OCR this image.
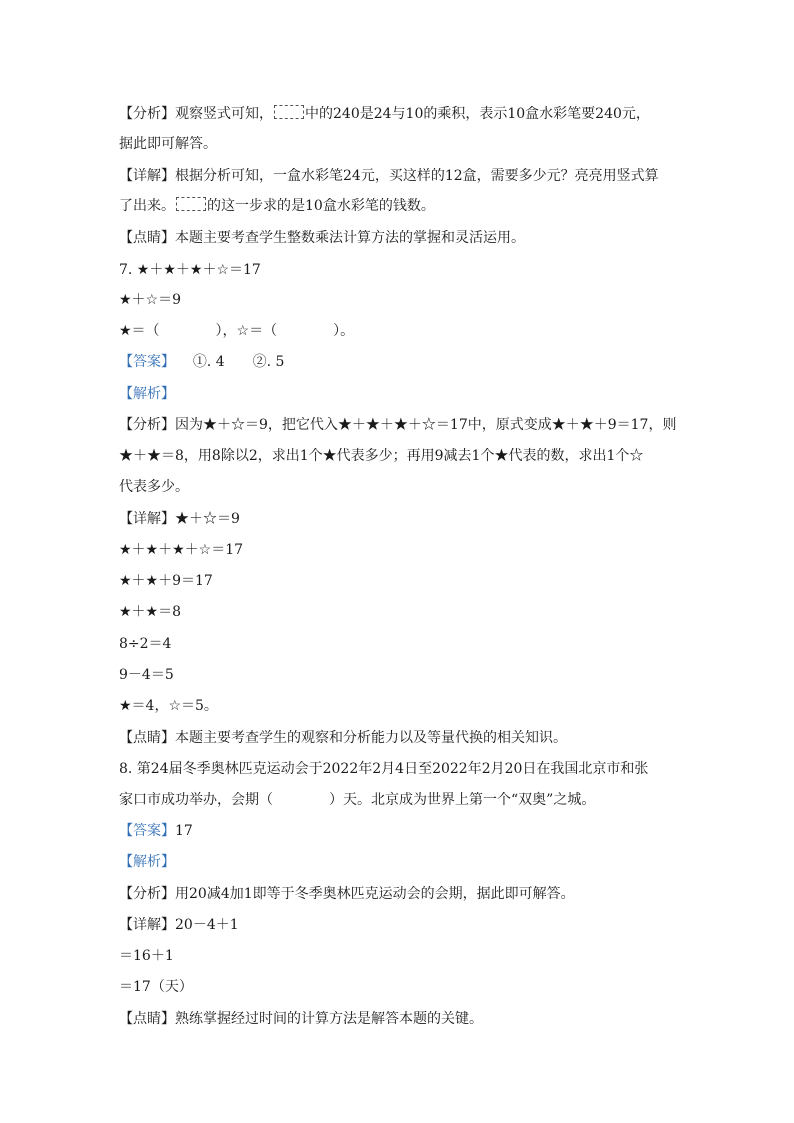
【分析】观察竖式可知， 中的240是24与10的乘积，表示10盒水彩笔要240元，
据此即可解答。
【详解】根据分析可知，一盒水彩笔24元，买这样的12盒，需要多少元？亮亮用竖式算
了出来。 的这一步求的是10盒水彩笔的钱数。
【点睛】本题主要考查学生整数乘法计算方法的掌握和灵活运用。
7. ★＋★＋★＋☆＝17
★＋☆＝9
★＝（　　　　），☆＝（　　　　）。
【答案】 ①. 4　　②. 5
【解析】
【分析】因为★＋☆＝9，把它代入★＋★＋★＋☆＝17中，原式变成★＋★＋9＝17，则
★＋★＝8，用8除以2，求出1个★代表多少；再用9减去1个★代表的数，求出1个☆
代表多少。
【详解】★＋☆＝9
★＋★＋★＋☆＝17
★＋★＋9＝17
★＋★＝8
8÷2＝4
9－4＝5
★＝4，☆＝5。
【点睛】本题主要考查学生的观察和分析能力以及等量代换的相关知识。
8. 第24届冬季奥林匹克运动会于2022年2月4日至2022年2月20日在我国北京市和张
家口市成功举办，会期（　　　　）天。北京成为世界上第一个“双奥”之城。
【答案】17
【解析】
【分析】用20减4加1即等于冬季奥林匹克运动会的会期，据此即可解答。
【详解】20－4＋1
＝16＋1
＝17（天）
【点睛】熟练掌握经过时间的计算方法是解答本题的关键。
